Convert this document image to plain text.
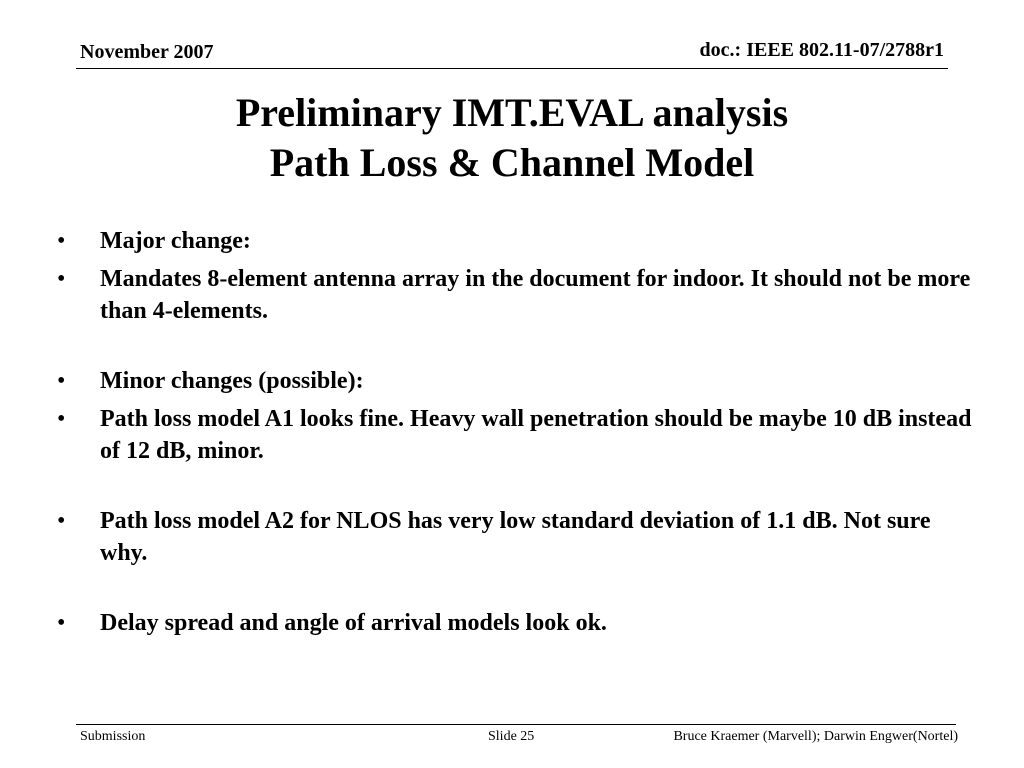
November 2007	doc.: IEEE 802.11-07/2788r1
Preliminary IMT.EVAL analysis
Path Loss & Channel Model
• Major change:
• Mandates 8-element antenna array in the document for indoor. It should not be more than 4-elements.
• Minor changes (possible):
• Path loss model A1 looks fine. Heavy wall penetration should be maybe 10 dB instead of 12 dB, minor.
• Path loss model A2 for NLOS has very low standard deviation of 1.1 dB. Not sure why.
• Delay spread and angle of arrival models look ok.
Submission	Slide 25	Bruce Kraemer (Marvell); Darwin Engwer(Nortel)
